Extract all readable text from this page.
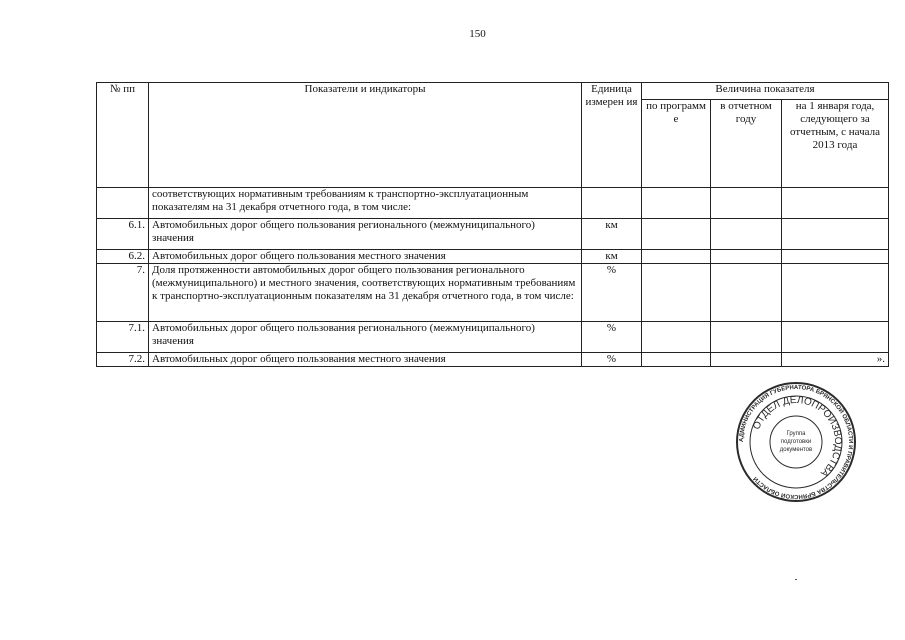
150
№ пп	Показатели и индикаторы	Единица измерен ия	Величина показателя		
			по программ е	в отчетном году	на 1 января года, следующего за отчетным, с начала 2013 года
	соответствующих нормативным требованиям к транспортно-эксплуатационным показателям на 31 декабря отчетного года, в том числе:				
6.1.	Автомобильных дорог общего пользования регионального (межмуниципального) значения	км			
6.2.	Автомобильных дорог общего пользования местного значения	км			
7.	Доля протяженности автомобильных дорог общего пользования регионального (межмуниципального) и местного значения, соответствующих нормативным требованиям к транспортно-эксплуатационным показателям на 31 декабря отчетного года, в том числе:	%			
7.1.	Автомобильных дорог общего пользования регионального (межмуниципального) значения	%			
7.2.	Автомобильных дорог общего пользования местного значения	%			».
АДМИНИСТРАЦИЯ ГУБЕРНАТОРА БРЯНСКОЙ ОБЛАСТИ И ПРАВИТЕЛЬСТВА БРЯНСКОЙ ОБЛАСТИ
ОТДЕЛ ДЕЛОПРОИЗВОДСТВА
Группа
подготовки
документов
